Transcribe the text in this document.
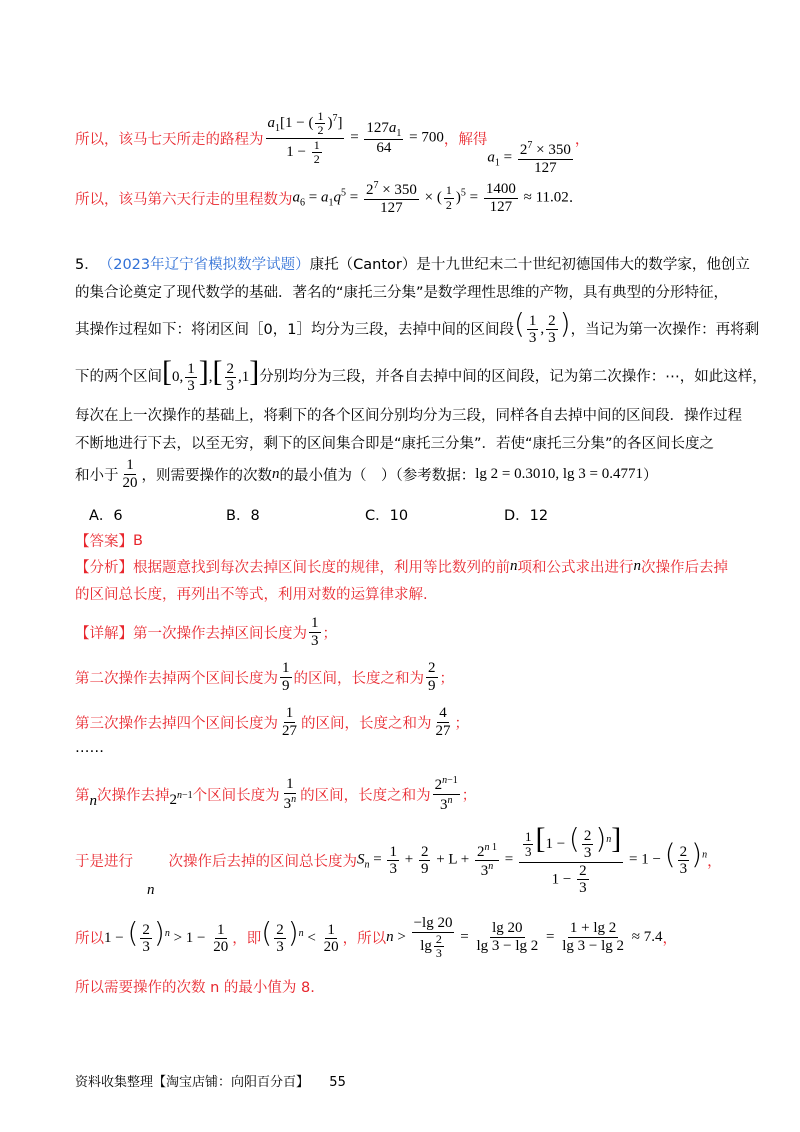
所以，该马七天所走的路程为 $\frac{a_1[1 - ( \frac{1}{2} )^7]}{1 - \frac{1}{2}} = \frac{127a_1}{64} = 700$ ，解得
$a_1 = \frac{2^7 \times 350}{127}$
，
所以，该马第六天行走的里程数为 $a_6 = a_1q^5 = \frac{2^7 \times 350}{127}$ × ( $\frac{1}{2} )^5 = \frac{1400}{127} \approx 11.02$ .
5． （2023年辽宁省模拟数学试题） 康托（Cantor）是十九世纪末二十世纪初德国伟大的数学家，他创立
的集合论奠定了现代数学的基础．著名的“康托三分集”是数学理性思维的产物，具有典型的分形特征，
其操作过程如下：将闭区间［0，1］均分为三段，去掉中间的区间段 ( $\frac{1}{3}$ , $\frac{2}{3}$ ) ，当记为第一次操作：再将剩
下的两个区间 [0, $\frac{1}{3}$ ],[ $\frac{2}{3} ,1$] 分别均分为三段，并各自去掉中间的区间段，记为第二次操作：⋯，如此这样，
每次在上一次操作的基础上，将剩下的各个区间分别均分为三段，同样各自去掉中间的区间段．操作过程
不断地进行下去，以至无穷，剩下的区间集合即是“康托三分集”．若使“康托三分集”的各区间长度之
和小于 $\frac{1}{20}$ ，则需要操作的次数 n 的最小值为（　）（参考数据： lg 2 = 0.3010, lg 3 = 0.4771 ）
A．6	B．8	C．10	D．12
【答案】 B
【分析】 根据题意找到每次去掉区间长度的规律，利用等比数列的前 n 项和公式求出进行 n 次操作后去掉
的区间总长度，再列出不等式，利用对数的运算律求解.
【详解】 第一次操作去掉区间长度为 $\frac{1}{3}$ ；
第二次操作去掉两个区间长度为 $\frac{1}{9}$ 的区间，长度之和为 $\frac{2}{9}$ ；
第三次操作去掉四个区间长度为 $\frac{1}{27}$ 的区间，长度之和为 $\frac{4}{27}$ ；
……
第 n 次操作去掉 $2^{n-1}$ 个区间长度为 $\frac{1}{3^n}$ 的区间，长度之和为 $\frac{2^{n-1}}{3^n}$ ；
于是进行
n
次操作后去掉的区间总长度为 $S_n = \frac{1}{3} + \frac{2}{9} + L + \frac{2^{n 1}}{3^n} = \frac{\frac{1}{3} [1 - ( \frac{2}{3} )^n]}{1 - \frac{2}{3}} = 1$ − ( $\frac{2}{3} )^n$ ，
所以 1 − ( $\frac{2}{3} )^n > 1 - \frac{1}{20}$ ，即 ( $\frac{2}{3} )^n < \frac{1}{20}$ ，所以 $n > \frac{-\lg 20}{\lg \frac{2}{3}} = \frac{\lg 20}{\lg 3 - \lg 2} = \frac{1 + \lg 2}{\lg 3 - \lg 2} \approx 7.4$ ，
所以需要操作的次数 n 的最小值为 8.
资料收集整理【淘宝店铺：向阳百分百】 55
